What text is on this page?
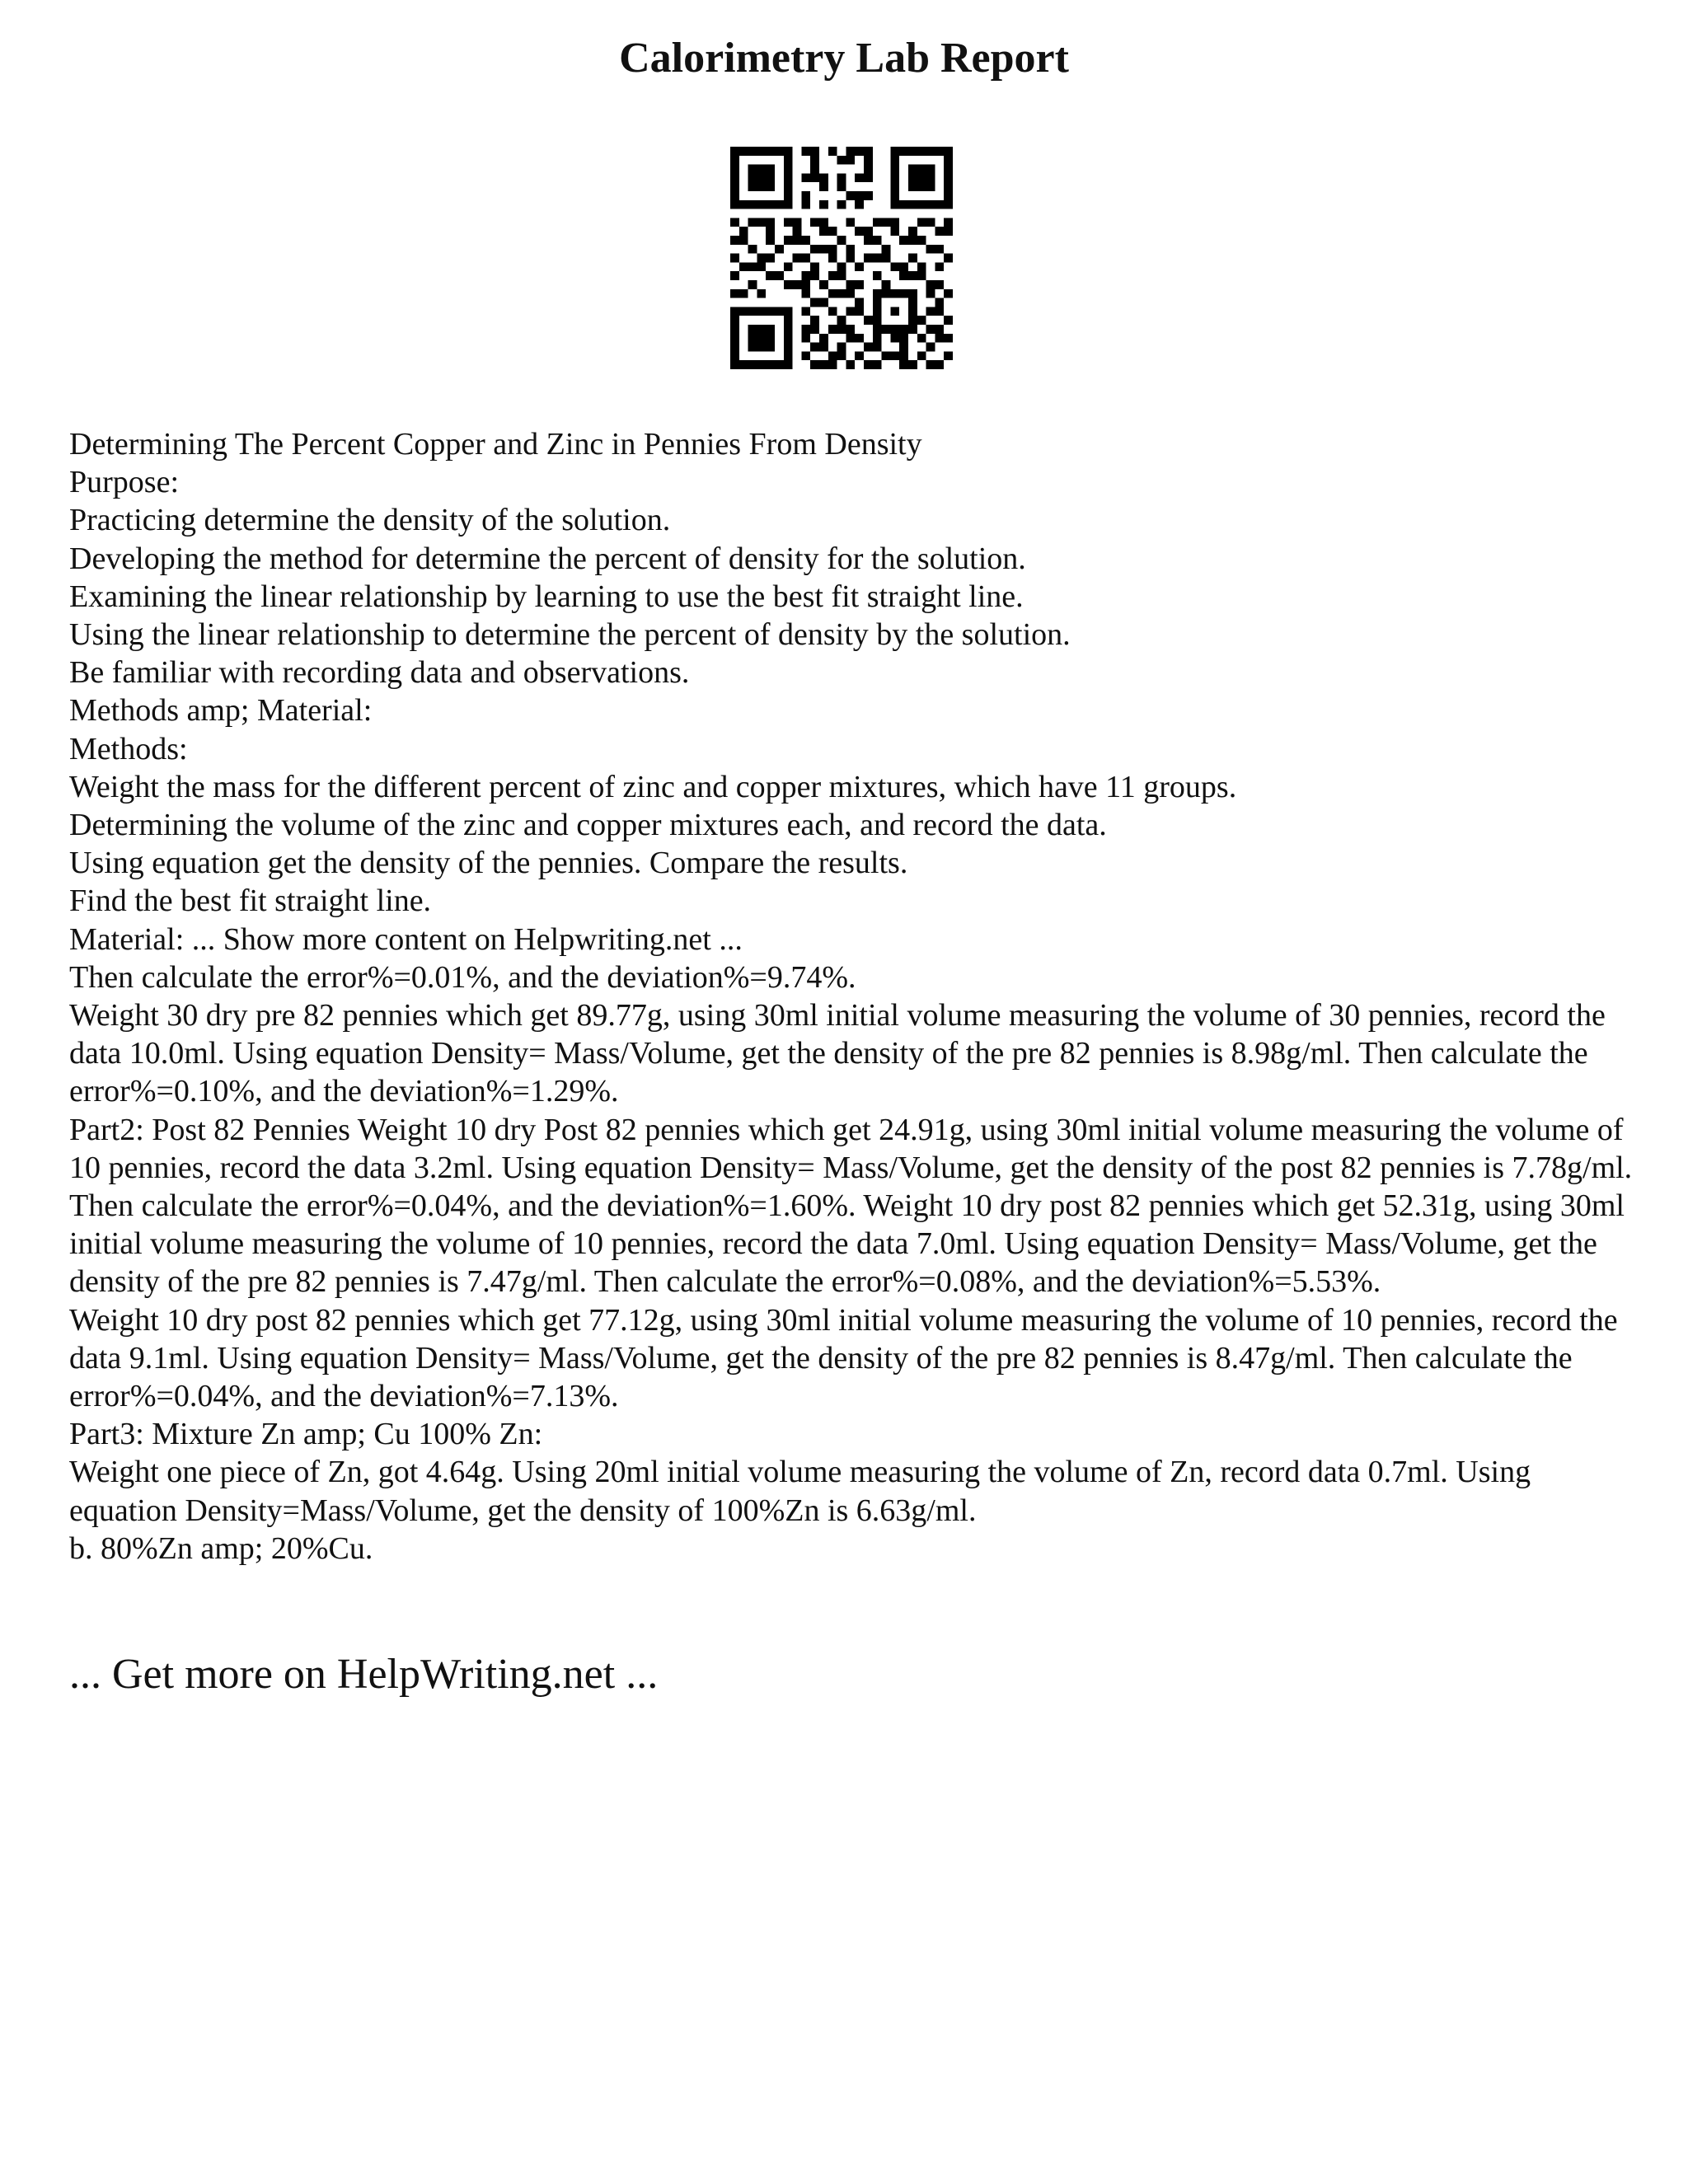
Calorimetry Lab Report

Determining The Percent Copper and Zinc in Pennies From Density

Purpose:

Practicing determine the density of the solution.

Developing the method for determine the percent of density for the solution.

Examining the linear relationship by learning to use the best fit straight line.

Using the linear relationship to determine the percent of density by the solution.

Be familiar with recording data and observations.

Methods amp; Material:

Methods:

Weight the mass for the different percent of zinc and copper mixtures, which have 11 groups.

Determining the volume of the zinc and copper mixtures each, and record the data.

Using equation get the density of the pennies. Compare the results.

Find the best fit straight line.

Material: ... Show more content on Helpwriting.net ...

Then calculate the error%=0.01%, and the deviation%=9.74%.

Weight 30 dry pre 82 pennies which get 89.77g, using 30ml initial volume measuring the volume of 30 pennies, record the data 10.0ml. Using equation Density= Mass/Volume, get the density of the pre 82 pennies is 8.98g/ml. Then calculate the error%=0.10%, and the deviation%=1.29%.

Part2: Post 82 Pennies Weight 10 dry Post 82 pennies which get 24.91g, using 30ml initial volume measuring the volume of 10 pennies, record the data 3.2ml. Using equation Density= Mass/Volume, get the density of the post 82 pennies is 7.78g/ml. Then calculate the error%=0.04%, and the deviation%=1.60%. Weight 10 dry post 82 pennies which get 52.31g, using 30ml initial volume measuring the volume of 10 pennies, record the data 7.0ml. Using equation Density= Mass/Volume, get the density of the pre 82 pennies is 7.47g/ml. Then calculate the error%=0.08%, and the deviation%=5.53%.

Weight 10 dry post 82 pennies which get 77.12g, using 30ml initial volume measuring the volume of 10 pennies, record the data 9.1ml. Using equation Density= Mass/Volume, get the density of the pre 82 pennies is 8.47g/ml. Then calculate the error%=0.04%, and the deviation%=7.13%.

Part3: Mixture Zn amp; Cu 100% Zn:

Weight one piece of Zn, got 4.64g. Using 20ml initial volume measuring the volume of Zn, record data 0.7ml. Using equation Density=Mass/Volume, get the density of 100%Zn is 6.63g/ml.

b. 80%Zn amp; 20%Cu.

... Get more on HelpWriting.net ...
